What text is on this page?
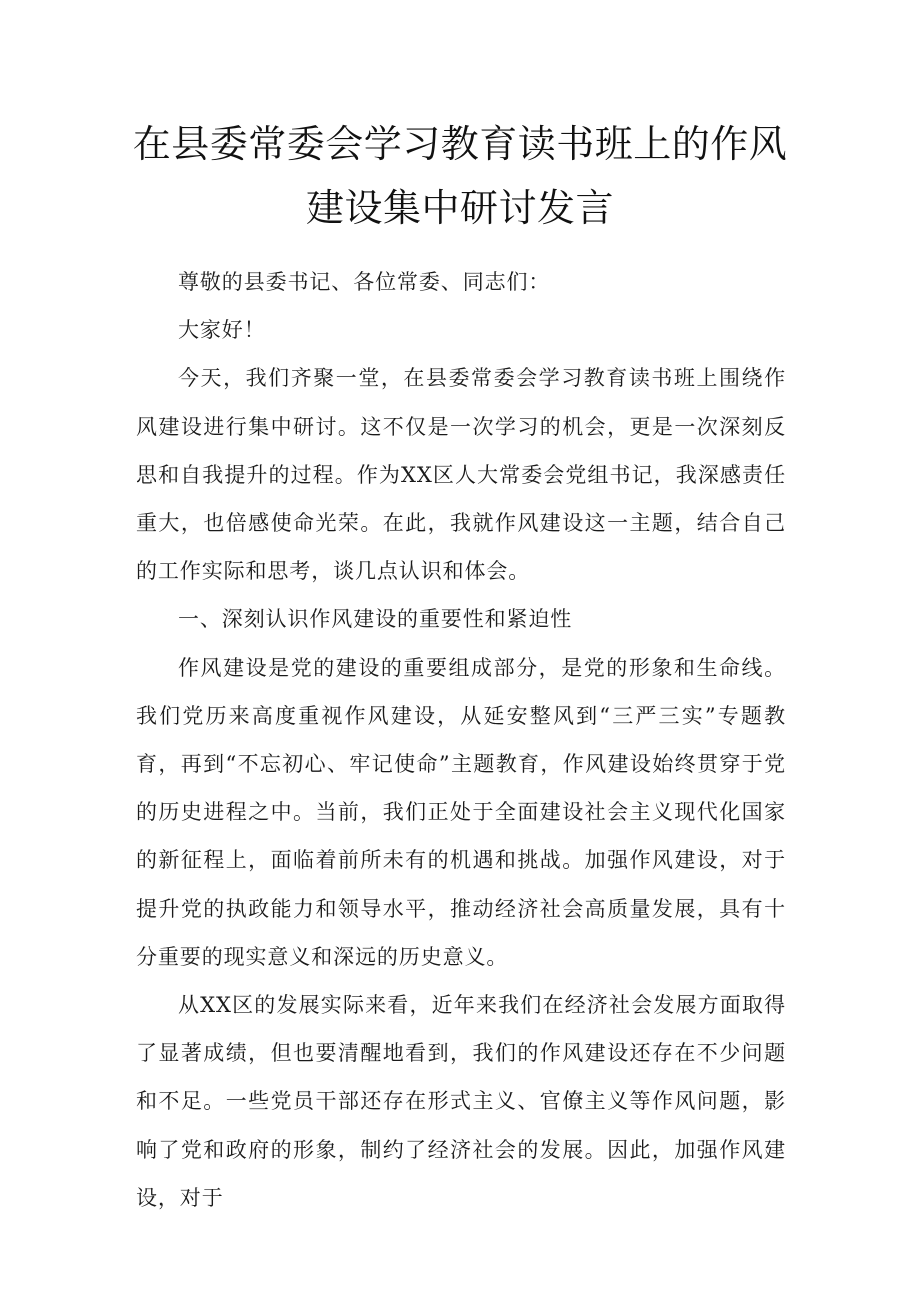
在县委常委会学习教育读书班上的作风
建设集中研讨发言

尊敬的县委书记、各位常委、同志们：

大家好！

今天，我们齐聚一堂，在县委常委会学习教育读书班上围绕作风建设进行集中研讨。这不仅是一次学习的机会，更是一次深刻反思和自我提升的过程。作为XX区人大常委会党组书记，我深感责任重大，也倍感使命光荣。在此，我就作风建设这一主题，结合自己的工作实际和思考，谈几点认识和体会。

一、深刻认识作风建设的重要性和紧迫性

作风建设是党的建设的重要组成部分，是党的形象和生命线。我们党历来高度重视作风建设，从延安整风到“三严三实”专题教育，再到“不忘初心、牢记使命”主题教育，作风建设始终贯穿于党的历史进程之中。当前，我们正处于全面建设社会主义现代化国家的新征程上，面临着前所未有的机遇和挑战。加强作风建设，对于提升党的执政能力和领导水平，推动经济社会高质量发展，具有十分重要的现实意义和深远的历史意义。

从XX区的发展实际来看，近年来我们在经济社会发展方面取得了显著成绩，但也要清醒地看到，我们的作风建设还存在不少问题和不足。一些党员干部还存在形式主义、官僚主义等作风问题，影响了党和政府的形象，制约了经济社会的发展。因此，加强作风建设，对于
